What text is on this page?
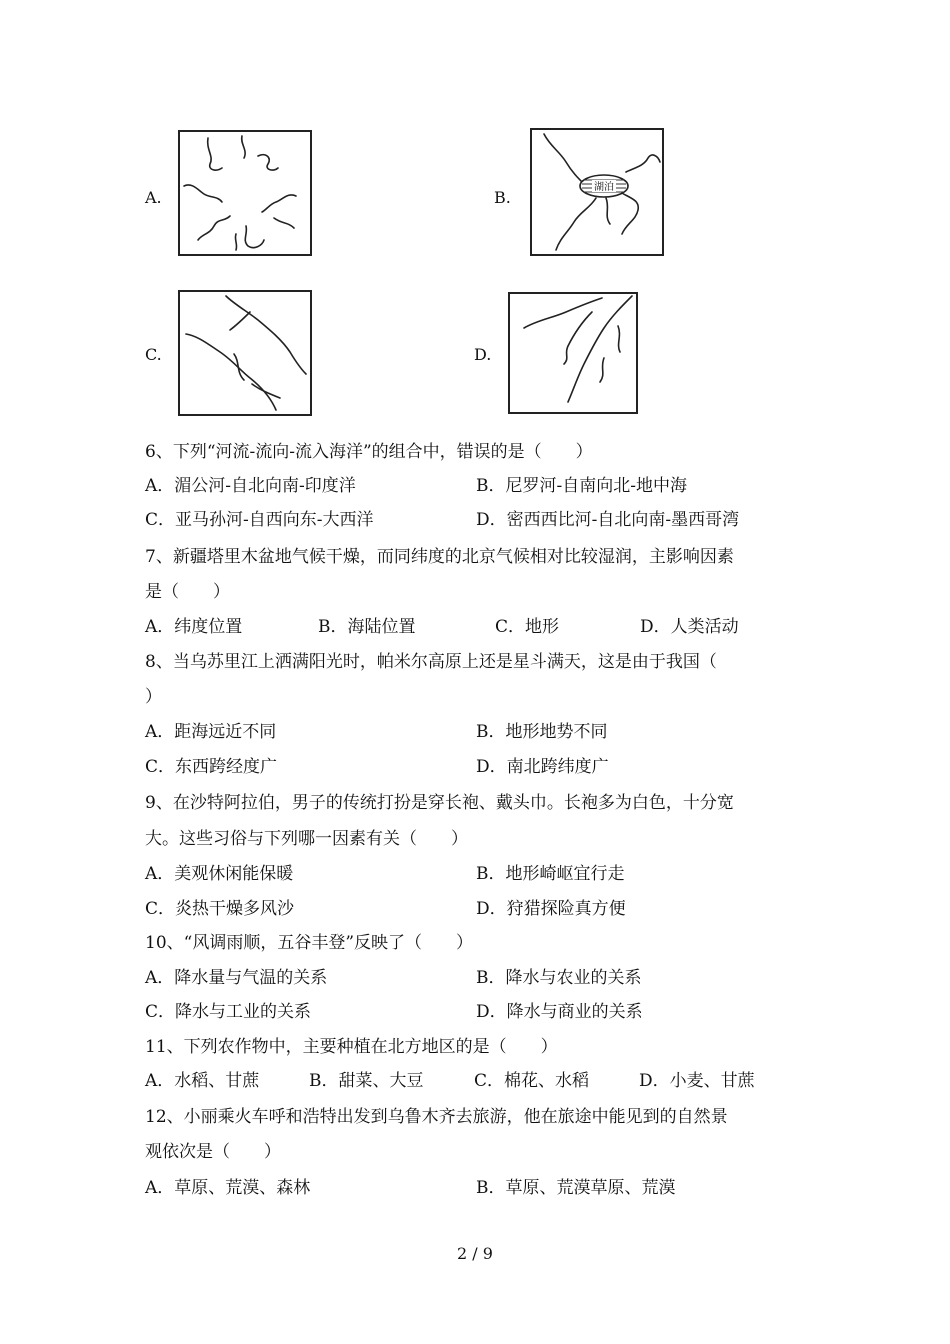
A.	B.
C.	D.
湖泊
6、下列“河流-流向-流入海洋”的组合中，错误的是（　　）
A．湄公河-自北向南-印度洋	B．尼罗河-自南向北-地中海
C．亚马孙河-自西向东-大西洋	D．密西西比河-自北向南-墨西哥湾
7、新疆塔里木盆地气候干燥，而同纬度的北京气候相对比较湿润，主影响因素
是（　　）
A．纬度位置	B．海陆位置	C．地形	D．人类活动
8、当乌苏里江上洒满阳光时，帕米尔高原上还是星斗满天，这是由于我国（
）
A．距海远近不同	B．地形地势不同
C．东西跨经度广	D．南北跨纬度广
9、在沙特阿拉伯，男子的传统打扮是穿长袍、戴头巾。长袍多为白色，十分宽
大。这些习俗与下列哪一因素有关（　　）
A．美观休闲能保暖	B．地形崎岖宜行走
C．炎热干燥多风沙	D．狩猎探险真方便
10、“风调雨顺，五谷丰登”反映了（　　）
A．降水量与气温的关系	B．降水与农业的关系
C．降水与工业的关系	D．降水与商业的关系
11、下列农作物中，主要种植在北方地区的是（　　）
A．水稻、甘蔗	B．甜菜、大豆	C．棉花、水稻	D．小麦、甘蔗
12、小丽乘火车呼和浩特出发到乌鲁木齐去旅游，他在旅途中能见到的自然景
观依次是（　　）
A．草原、荒漠、森林	B．草原、荒漠草原、荒漠
2 / 9
